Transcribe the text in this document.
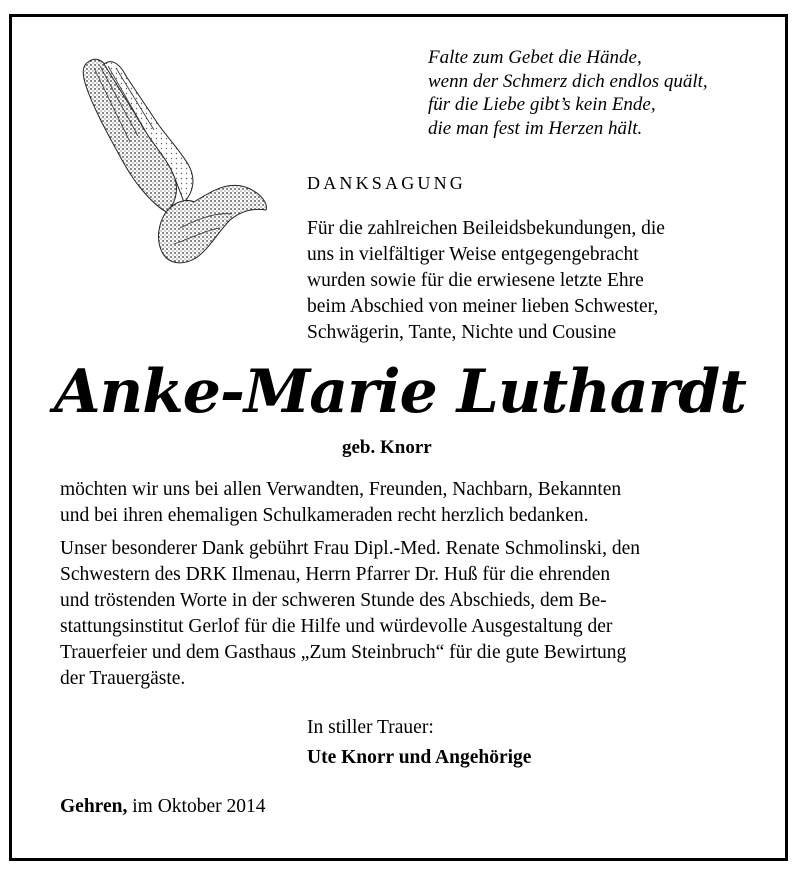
Falte zum Gebet die Hände,
wenn der Schmerz dich endlos quält,
für die Liebe gibt’s kein Ende,
die man fest im Herzen hält.
DANKSAGUNG
Für die zahlreichen Beileidsbekundungen, die
uns in vielfältiger Weise entgegengebracht
wurden sowie für die erwiesene letzte Ehre
beim Abschied von meiner lieben Schwester,
Schwägerin, Tante, Nichte und Cousine
Anke-Marie Luthardt
geb. Knorr
möchten wir uns bei allen Verwandten, Freunden, Nachbarn, Bekannten
und bei ihren ehemaligen Schulkameraden recht herzlich bedanken.
Unser besonderer Dank gebührt Frau Dipl.-Med. Renate Schmolinski, den
Schwestern des DRK Ilmenau, Herrn Pfarrer Dr. Huß für die ehrenden
und tröstenden Worte in der schweren Stunde des Abschieds, dem Be-
stattungsinstitut Gerlof für die Hilfe und würdevolle Ausgestaltung der
Trauerfeier und dem Gasthaus „Zum Steinbruch“ für die gute Bewirtung
der Trauergäste.
In stiller Trauer:
Ute Knorr und Angehörige
Gehren, im Oktober 2014
